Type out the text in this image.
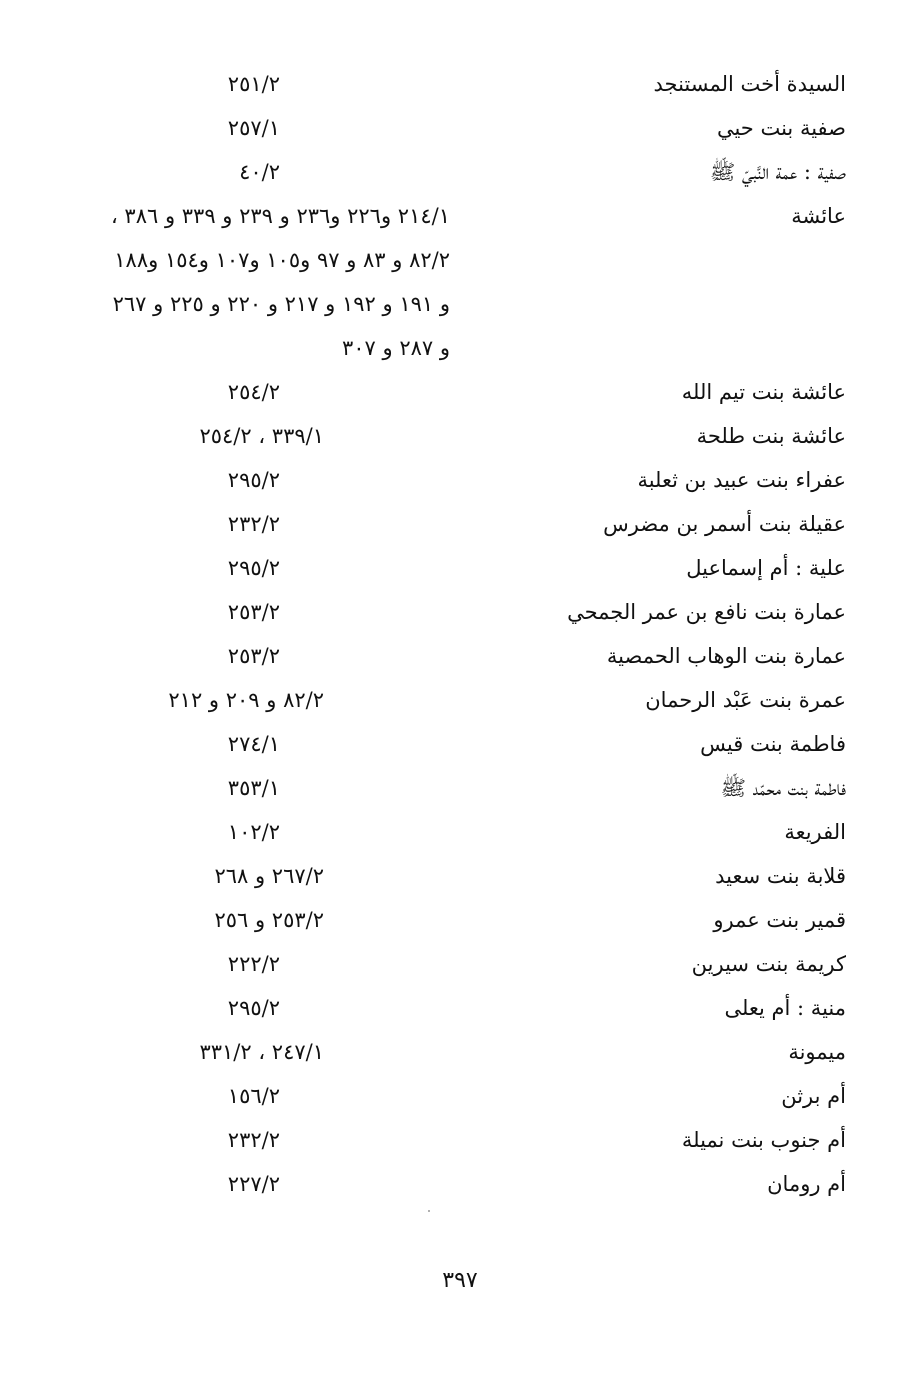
السيدة أخت المستنجد
٢٥١/٢
صفية بنت حيي
٢٥٧/١
صفية : عمة النَّبيّ ﷺ
٤٠/٢
عائشة
٢١٤/١ و٢٢٦ و٢٣٦ و ٢٣٩ و ٣٣٩ و ٣٨٦ ،
٨٢/٢ و ٨٣ و ٩٧ و١٠٥ و١٠٧ و١٥٤ و١٨٨
و ١٩١ و ١٩٢ و ٢١٧ و ٢٢٠ و ٢٢٥ و ٢٦٧
و ٢٨٧ و ٣٠٧
عائشة بنت تيم الله
٢٥٤/٢
عائشة بنت طلحة
٣٣٩/١ ، ٢٥٤/٢
عفراء بنت عبيد بن ثعلبة
٢٩٥/٢
عقيلة بنت أسمر بن مضرس
٢٣٢/٢
علية : أم إسماعيل
٢٩٥/٢
عمارة بنت نافع بن عمر الجمحي
٢٥٣/٢
عمارة بنت الوهاب الحمصية
٢٥٣/٢
عمرة بنت عَبْد الرحمان
٨٢/٢ و ٢٠٩ و ٢١٢
فاطمة بنت قيس
٢٧٤/١
فاطمة بنت محمّد ﷺ
٣٥٣/١
الفريعة
١٠٢/٢
قلابة بنت سعيد
٢٦٧/٢ و ٢٦٨
قمير بنت عمرو
٢٥٣/٢ و ٢٥٦
كريمة بنت سيرين
٢٢٢/٢
منية : أم يعلى
٢٩٥/٢
ميمونة
٢٤٧/١ ، ٣٣١/٢
أم برثن
١٥٦/٢
أم جنوب بنت نميلة
٢٣٢/٢
أم رومان
٢٢٧/٢
٣٩٧
